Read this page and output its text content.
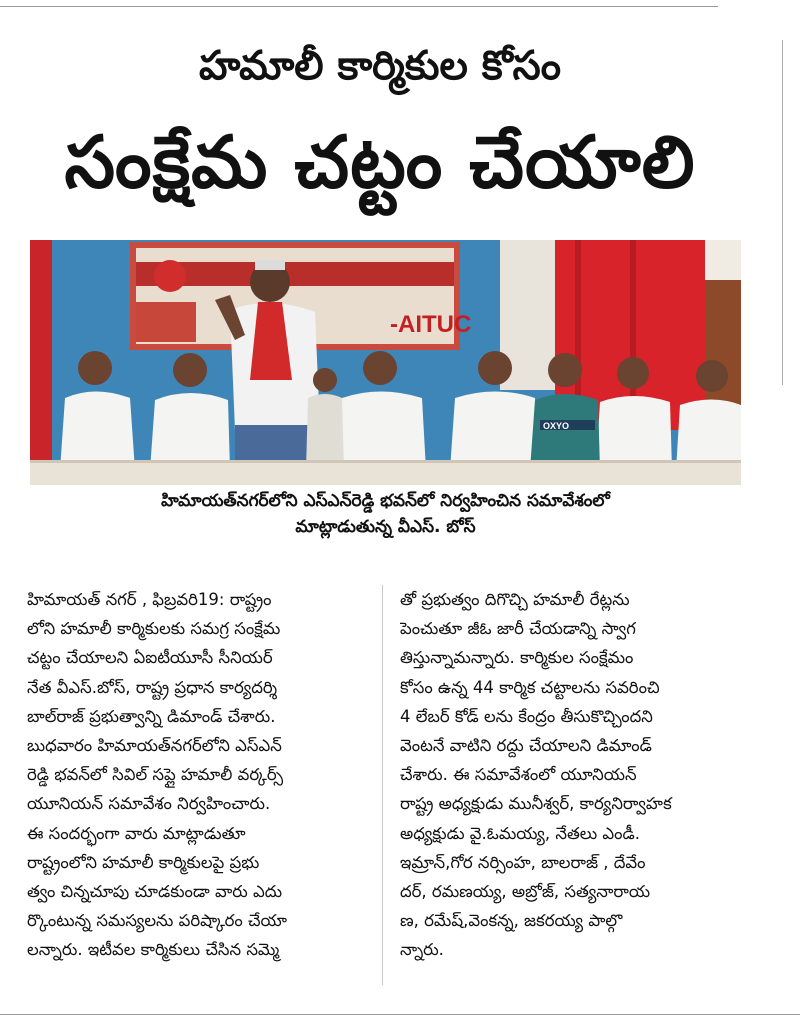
హమాలీ కార్మికుల కోసం
సంక్షేమ చట్టం చేయాలి
-AITUC
OXYO
హిమాయత్‌నగర్‌లోని ఎస్‌ఎన్‌రెడ్డి భవన్‌లో నిర్వహించిన సమావేశంలో
మాట్లాడుతున్న వీఎస్. బోస్
హిమాయత్ నగర్ , ఫిబ్రవరి19: రాష్ట్రం
లోని హమాలీ కార్మికులకు సమగ్ర సంక్షేమ
చట్టం చేయాలని ఏఐటీయూసీ సీనియర్
నేత వీఎస్.బోస్, రాష్ట్ర ప్రధాన కార్యదర్శి
బాల్‌రాజ్ ప్రభుత్వాన్ని డిమాండ్ చేశారు.
బుధవారం హిమాయత్‌నగర్‌లోని ఎస్ఎన్
రెడ్డి భవన్‌లో సివిల్ సప్లై హమాలీ వర్కర్స్
యూనియన్ సమావేశం నిర్వహించారు.
ఈ సందర్భంగా వారు మాట్లాడుతూ
రాష్ట్రంలోని హమాలీ కార్మికులపై ప్రభు
త్వం చిన్నచూపు చూడకుండా వారు ఎదు
ర్కొంటున్న సమస్యలను పరిష్కారం చేయా
లన్నారు. ఇటీవల కార్మికులు చేసిన సమ్మె
తో ప్రభుత్వం దిగొచ్చి హమాలీ రేట్లను
పెంచుతూ జీఓ జారీ చేయడాన్ని స్వాగ
తిస్తున్నామన్నారు. కార్మికుల సంక్షేమం
కోసం ఉన్న 44 కార్మిక చట్టాలను సవరించి
4 లేబర్ కోడ్ లను కేంద్రం తీసుకొచ్చిందని
వెంటనే వాటిని రద్దు చేయాలని డిమాండ్
చేశారు. ఈ సమావేశంలో యూనియన్
రాష్ట్ర అధ్యక్షుడు మునీశ్వర్, కార్యనిర్వాహక
అధ్యక్షుడు వై.ఓమయ్య, నేతలు ఎండీ.
ఇమ్రాన్,గోర నర్సింహ, బాలరాజ్ , దేవేం
దర్, రమణయ్య, అబ్రోజ్, సత్యనారాయ
ణ, రమేష్,వెంకన్న, జకరయ్య పాల్గొ
న్నారు.
